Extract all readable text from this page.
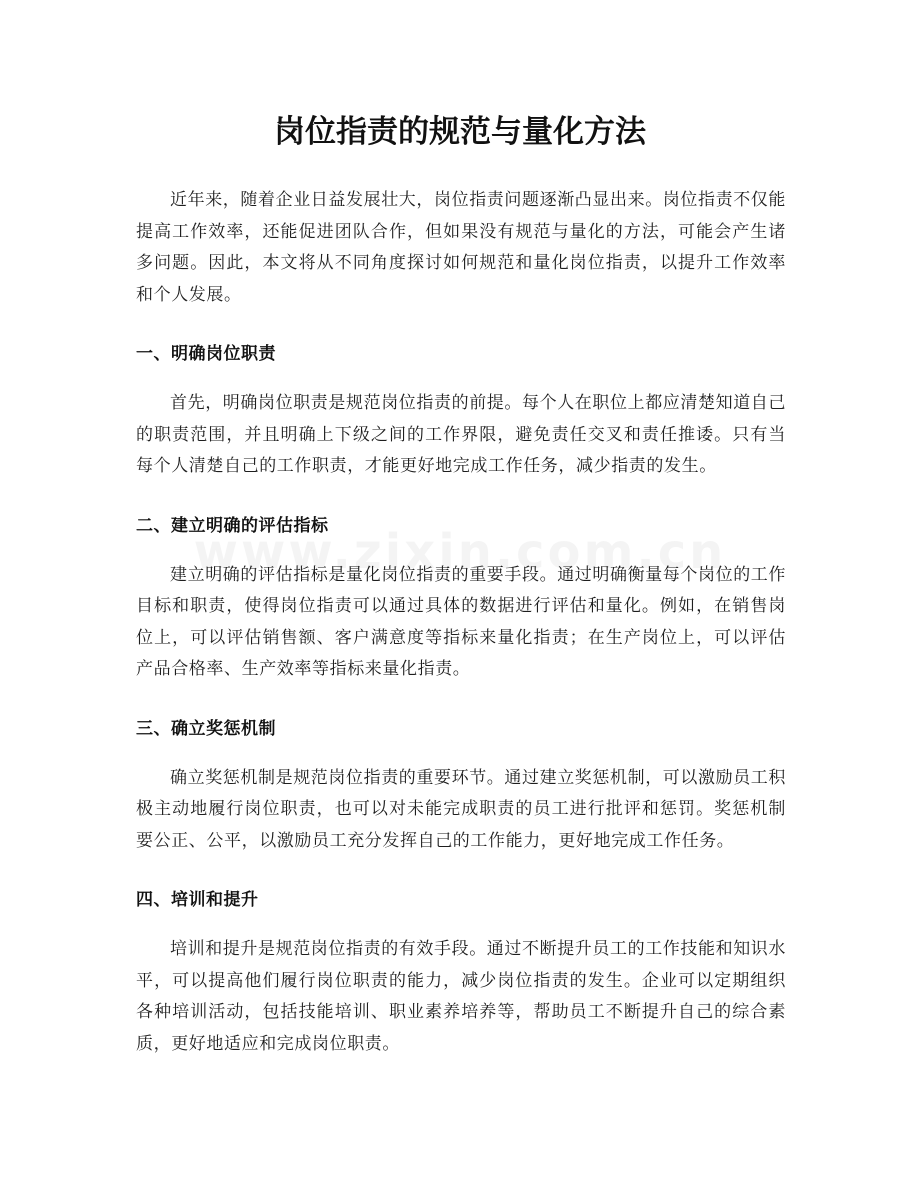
岗位指责的规范与量化方法

近年来，随着企业日益发展壮大，岗位指责问题逐渐凸显出来。岗位指责不仅能提高工作效率，还能促进团队合作，但如果没有规范与量化的方法，可能会产生诸多问题。因此，本文将从不同角度探讨如何规范和量化岗位指责，以提升工作效率和个人发展。

一、明确岗位职责

首先，明确岗位职责是规范岗位指责的前提。每个人在职位上都应清楚知道自己的职责范围，并且明确上下级之间的工作界限，避免责任交叉和责任推诿。只有当每个人清楚自己的工作职责，才能更好地完成工作任务，减少指责的发生。

二、建立明确的评估指标

建立明确的评估指标是量化岗位指责的重要手段。通过明确衡量每个岗位的工作目标和职责，使得岗位指责可以通过具体的数据进行评估和量化。例如，在销售岗位上，可以评估销售额、客户满意度等指标来量化指责；在生产岗位上，可以评估产品合格率、生产效率等指标来量化指责。

三、确立奖惩机制

确立奖惩机制是规范岗位指责的重要环节。通过建立奖惩机制，可以激励员工积极主动地履行岗位职责，也可以对未能完成职责的员工进行批评和惩罚。奖惩机制要公正、公平，以激励员工充分发挥自己的工作能力，更好地完成工作任务。

四、培训和提升

培训和提升是规范岗位指责的有效手段。通过不断提升员工的工作技能和知识水平，可以提高他们履行岗位职责的能力，减少岗位指责的发生。企业可以定期组织各种培训活动，包括技能培训、职业素养培养等，帮助员工不断提升自己的综合素质，更好地适应和完成岗位职责。
